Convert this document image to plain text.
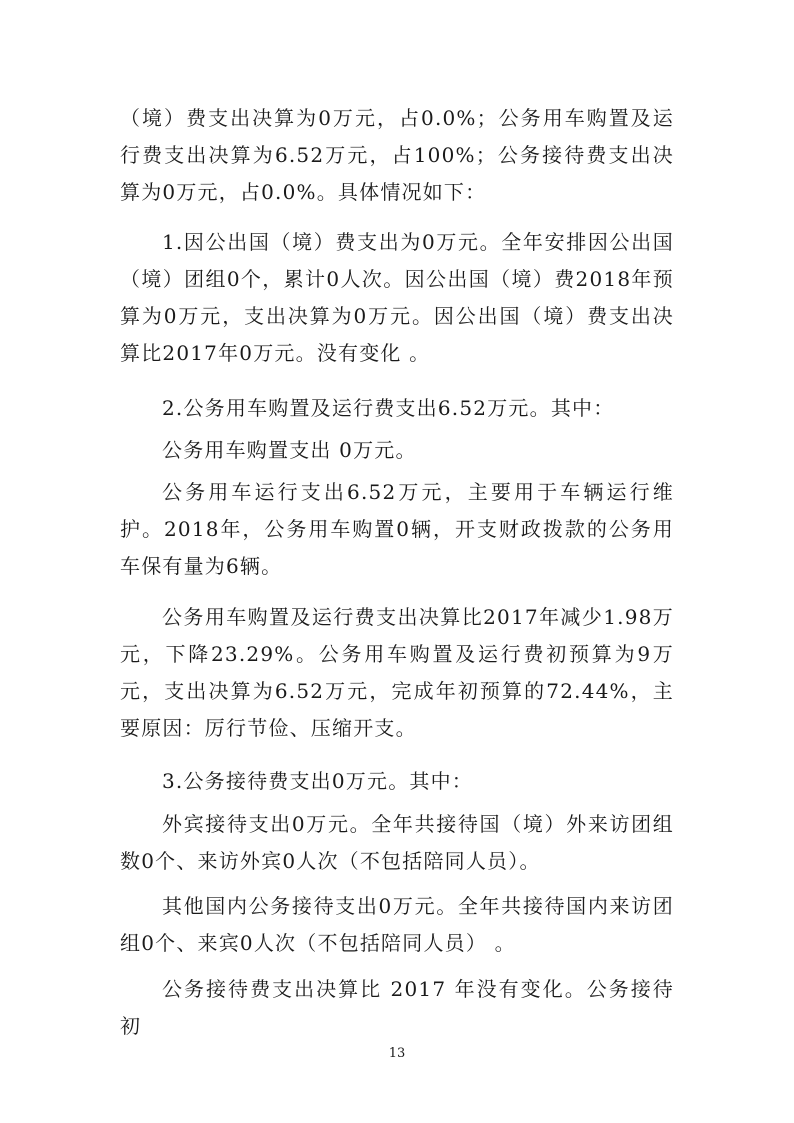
（境）费支出决算为0万元，占0.0%；公务用车购置及运行费支出决算为6.52万元，占100%；公务接待费支出决算为0万元，占0.0%。具体情况如下：

1.因公出国（境）费支出为0万元。全年安排因公出国（境）团组0个，累计0人次。因公出国（境）费2018年预算为0万元，支出决算为0万元。因公出国（境）费支出决算比2017年0万元。没有变化 。

2.公务用车购置及运行费支出6.52万元。其中：

公务用车购置支出 0万元。

公务用车运行支出6.52万元，主要用于车辆运行维护。2018年，公务用车购置0辆，开支财政拨款的公务用车保有量为6辆。

公务用车购置及运行费支出决算比2017年减少1.98万元，下降23.29%。公务用车购置及运行费初预算为9万元，支出决算为6.52万元，完成年初预算的72.44%，主要原因：厉行节俭、压缩开支。

3.公务接待费支出0万元。其中：

外宾接待支出0万元。全年共接待国（境）外来访团组数0个、来访外宾0人次（不包括陪同人员）。

其他国内公务接待支出0万元。全年共接待国内来访团组0个、来宾0人次（不包括陪同人员） 。

公务接待费支出决算比 2017 年没有变化。公务接待初

13
